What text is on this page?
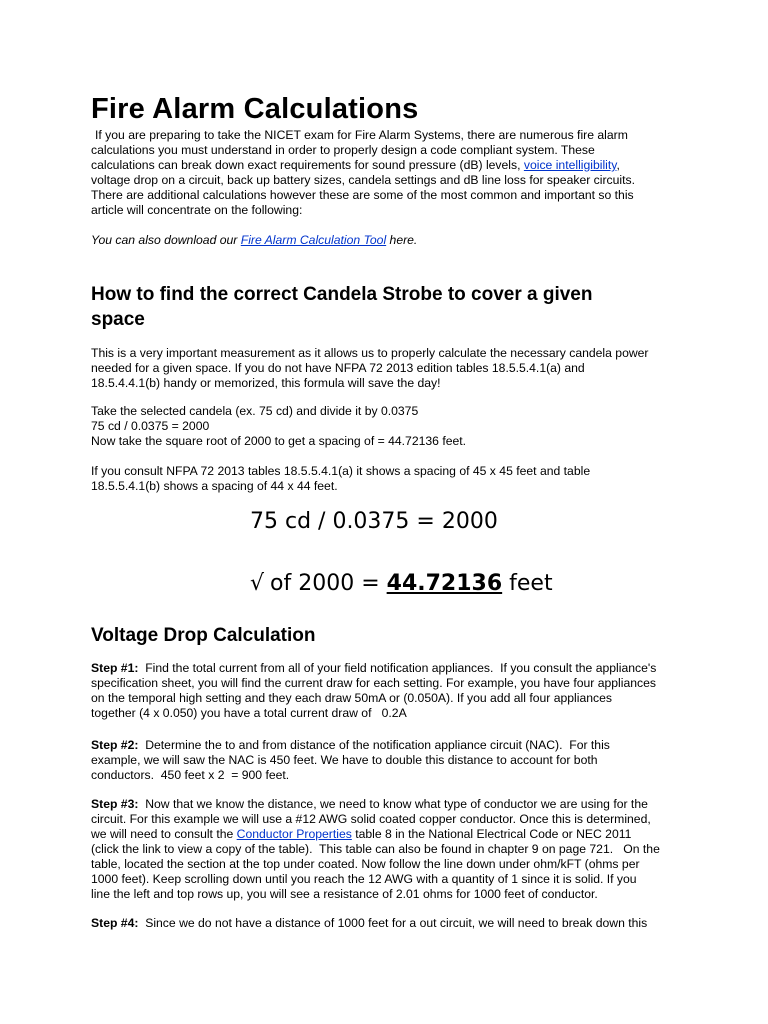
Fire Alarm Calculations
If you are preparing to take the NICET exam for Fire Alarm Systems, there are numerous fire alarm
calculations you must understand in order to properly design a code compliant system. These
calculations can break down exact requirements for sound pressure (dB) levels, voice intelligibility,
voltage drop on a circuit, back up battery sizes, candela settings and dB line loss for speaker circuits.
There are additional calculations however these are some of the most common and important so this
article will concentrate on the following:
You can also download our Fire Alarm Calculation Tool here.
How to find the correct Candela Strobe to cover a given
space
This is a very important measurement as it allows us to properly calculate the necessary candela power
needed for a given space. If you do not have NFPA 72 2013 edition tables 18.5.5.4.1(a) and
18.5.4.4.1(b) handy or memorized, this formula will save the day!
Take the selected candela (ex. 75 cd) and divide it by 0.0375
75 cd / 0.0375 = 2000
Now take the square root of 2000 to get a spacing of = 44.72136 feet.
If you consult NFPA 72 2013 tables 18.5.5.4.1(a) it shows a spacing of 45 x 45 feet and table
18.5.5.4.1(b) shows a spacing of 44 x 44 feet.
75 cd / 0.0375 = 2000
√ of 2000 = 44.72136 feet
Voltage Drop Calculation
Step #1:  Find the total current from all of your field notification appliances.  If you consult the appliance's
specification sheet, you will find the current draw for each setting. For example, you have four appliances
on the temporal high setting and they each draw 50mA or (0.050A). If you add all four appliances
together (4 x 0.050) you have a total current draw of   0.2A
Step #2:  Determine the to and from distance of the notification appliance circuit (NAC).  For this
example, we will saw the NAC is 450 feet. We have to double this distance to account for both
conductors.  450 feet x 2  = 900 feet.
Step #3:  Now that we know the distance, we need to know what type of conductor we are using for the
circuit. For this example we will use a #12 AWG solid coated copper conductor. Once this is determined,
we will need to consult the Conductor Properties table 8 in the National Electrical Code or NEC 2011
(click the link to view a copy of the table).  This table can also be found in chapter 9 on page 721.   On the
table, located the section at the top under coated. Now follow the line down under ohm/kFT (ohms per
1000 feet). Keep scrolling down until you reach the 12 AWG with a quantity of 1 since it is solid. If you
line the left and top rows up, you will see a resistance of 2.01 ohms for 1000 feet of conductor.
Step #4:  Since we do not have a distance of 1000 feet for a out circuit, we will need to break down this
